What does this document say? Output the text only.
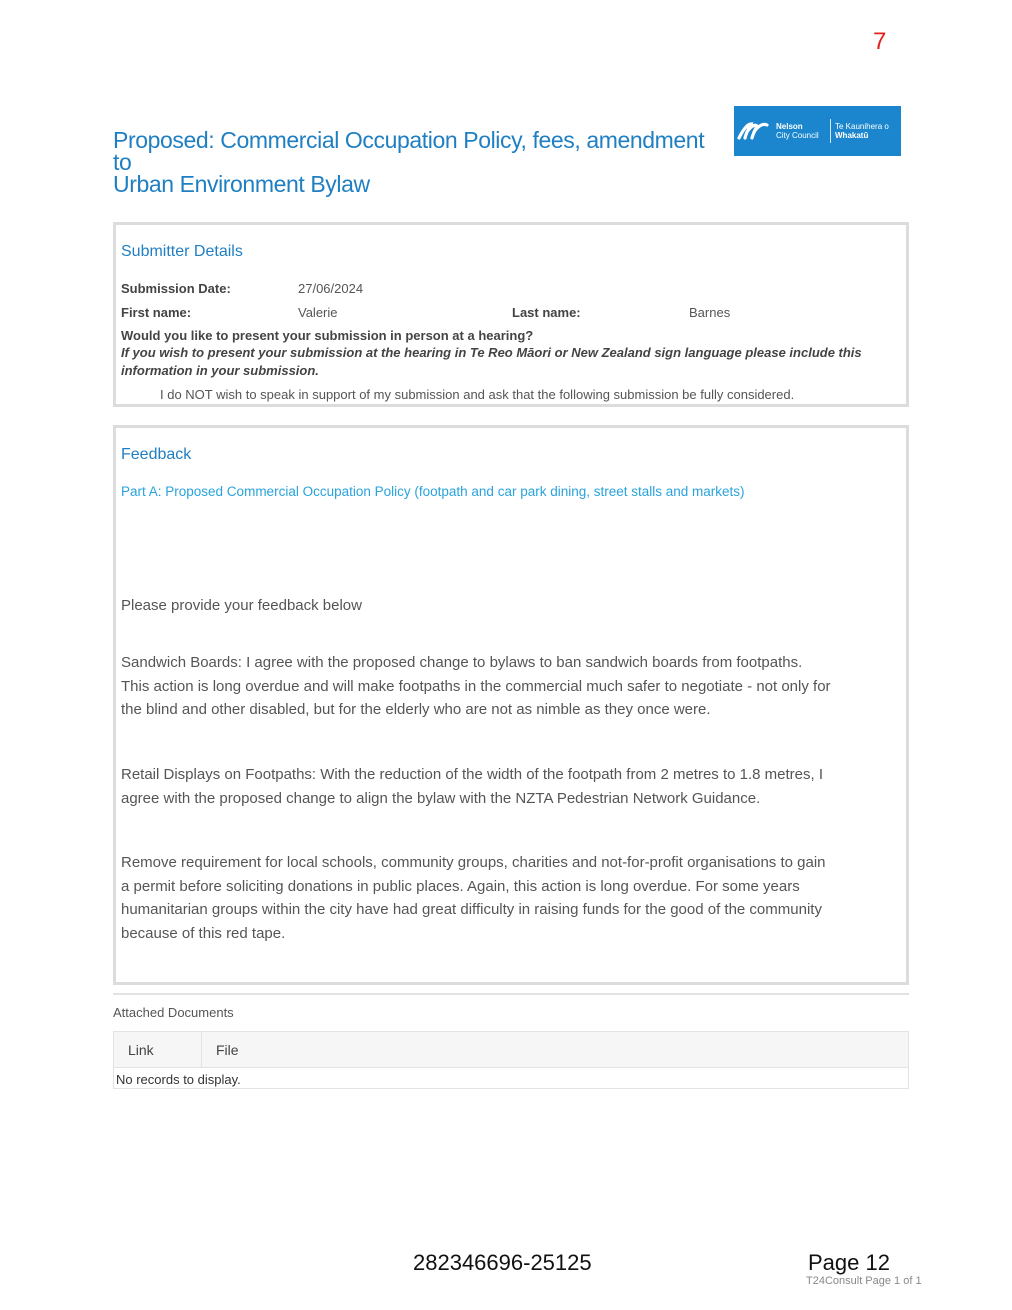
7
Proposed: Commercial Occupation Policy, fees, amendment to
Urban Environment Bylaw
Nelson
City Council
Te Kaunihera o
Whakatū
Submitter Details
Submission Date:	27/06/2024
First name:	Valerie	Last name:	Barnes
Would you like to present your submission in person at a hearing?
If you wish to present your submission at the hearing in Te Reo Māori or New Zealand sign language please include this information in your submission.
I do NOT wish to speak in support of my submission and ask that the following submission be fully considered.
Feedback
Part A: Proposed Commercial Occupation Policy (footpath and car park dining, street stalls and markets)
Please provide your feedback below
Sandwich Boards: I agree with the proposed change to bylaws to ban sandwich boards from footpaths. This action is long overdue and will make footpaths in the commercial much safer to negotiate - not only for the blind and other disabled, but for the elderly who are not as nimble as they once were.
Retail Displays on Footpaths: With the reduction of the width of the footpath from 2 metres to 1.8 metres, I agree with the proposed change to align the bylaw with the NZTA Pedestrian Network Guidance.
Remove requirement for local schools, community groups, charities and not-for-profit organisations to gain a permit before soliciting donations in public places. Again, this action is long overdue. For some years humanitarian groups within the city have had great difficulty in raising funds for the good of the community because of this red tape.
Attached Documents
Link	File
No records to display.
282346696-25125	Page 12
T24Consult Page 1 of 1
